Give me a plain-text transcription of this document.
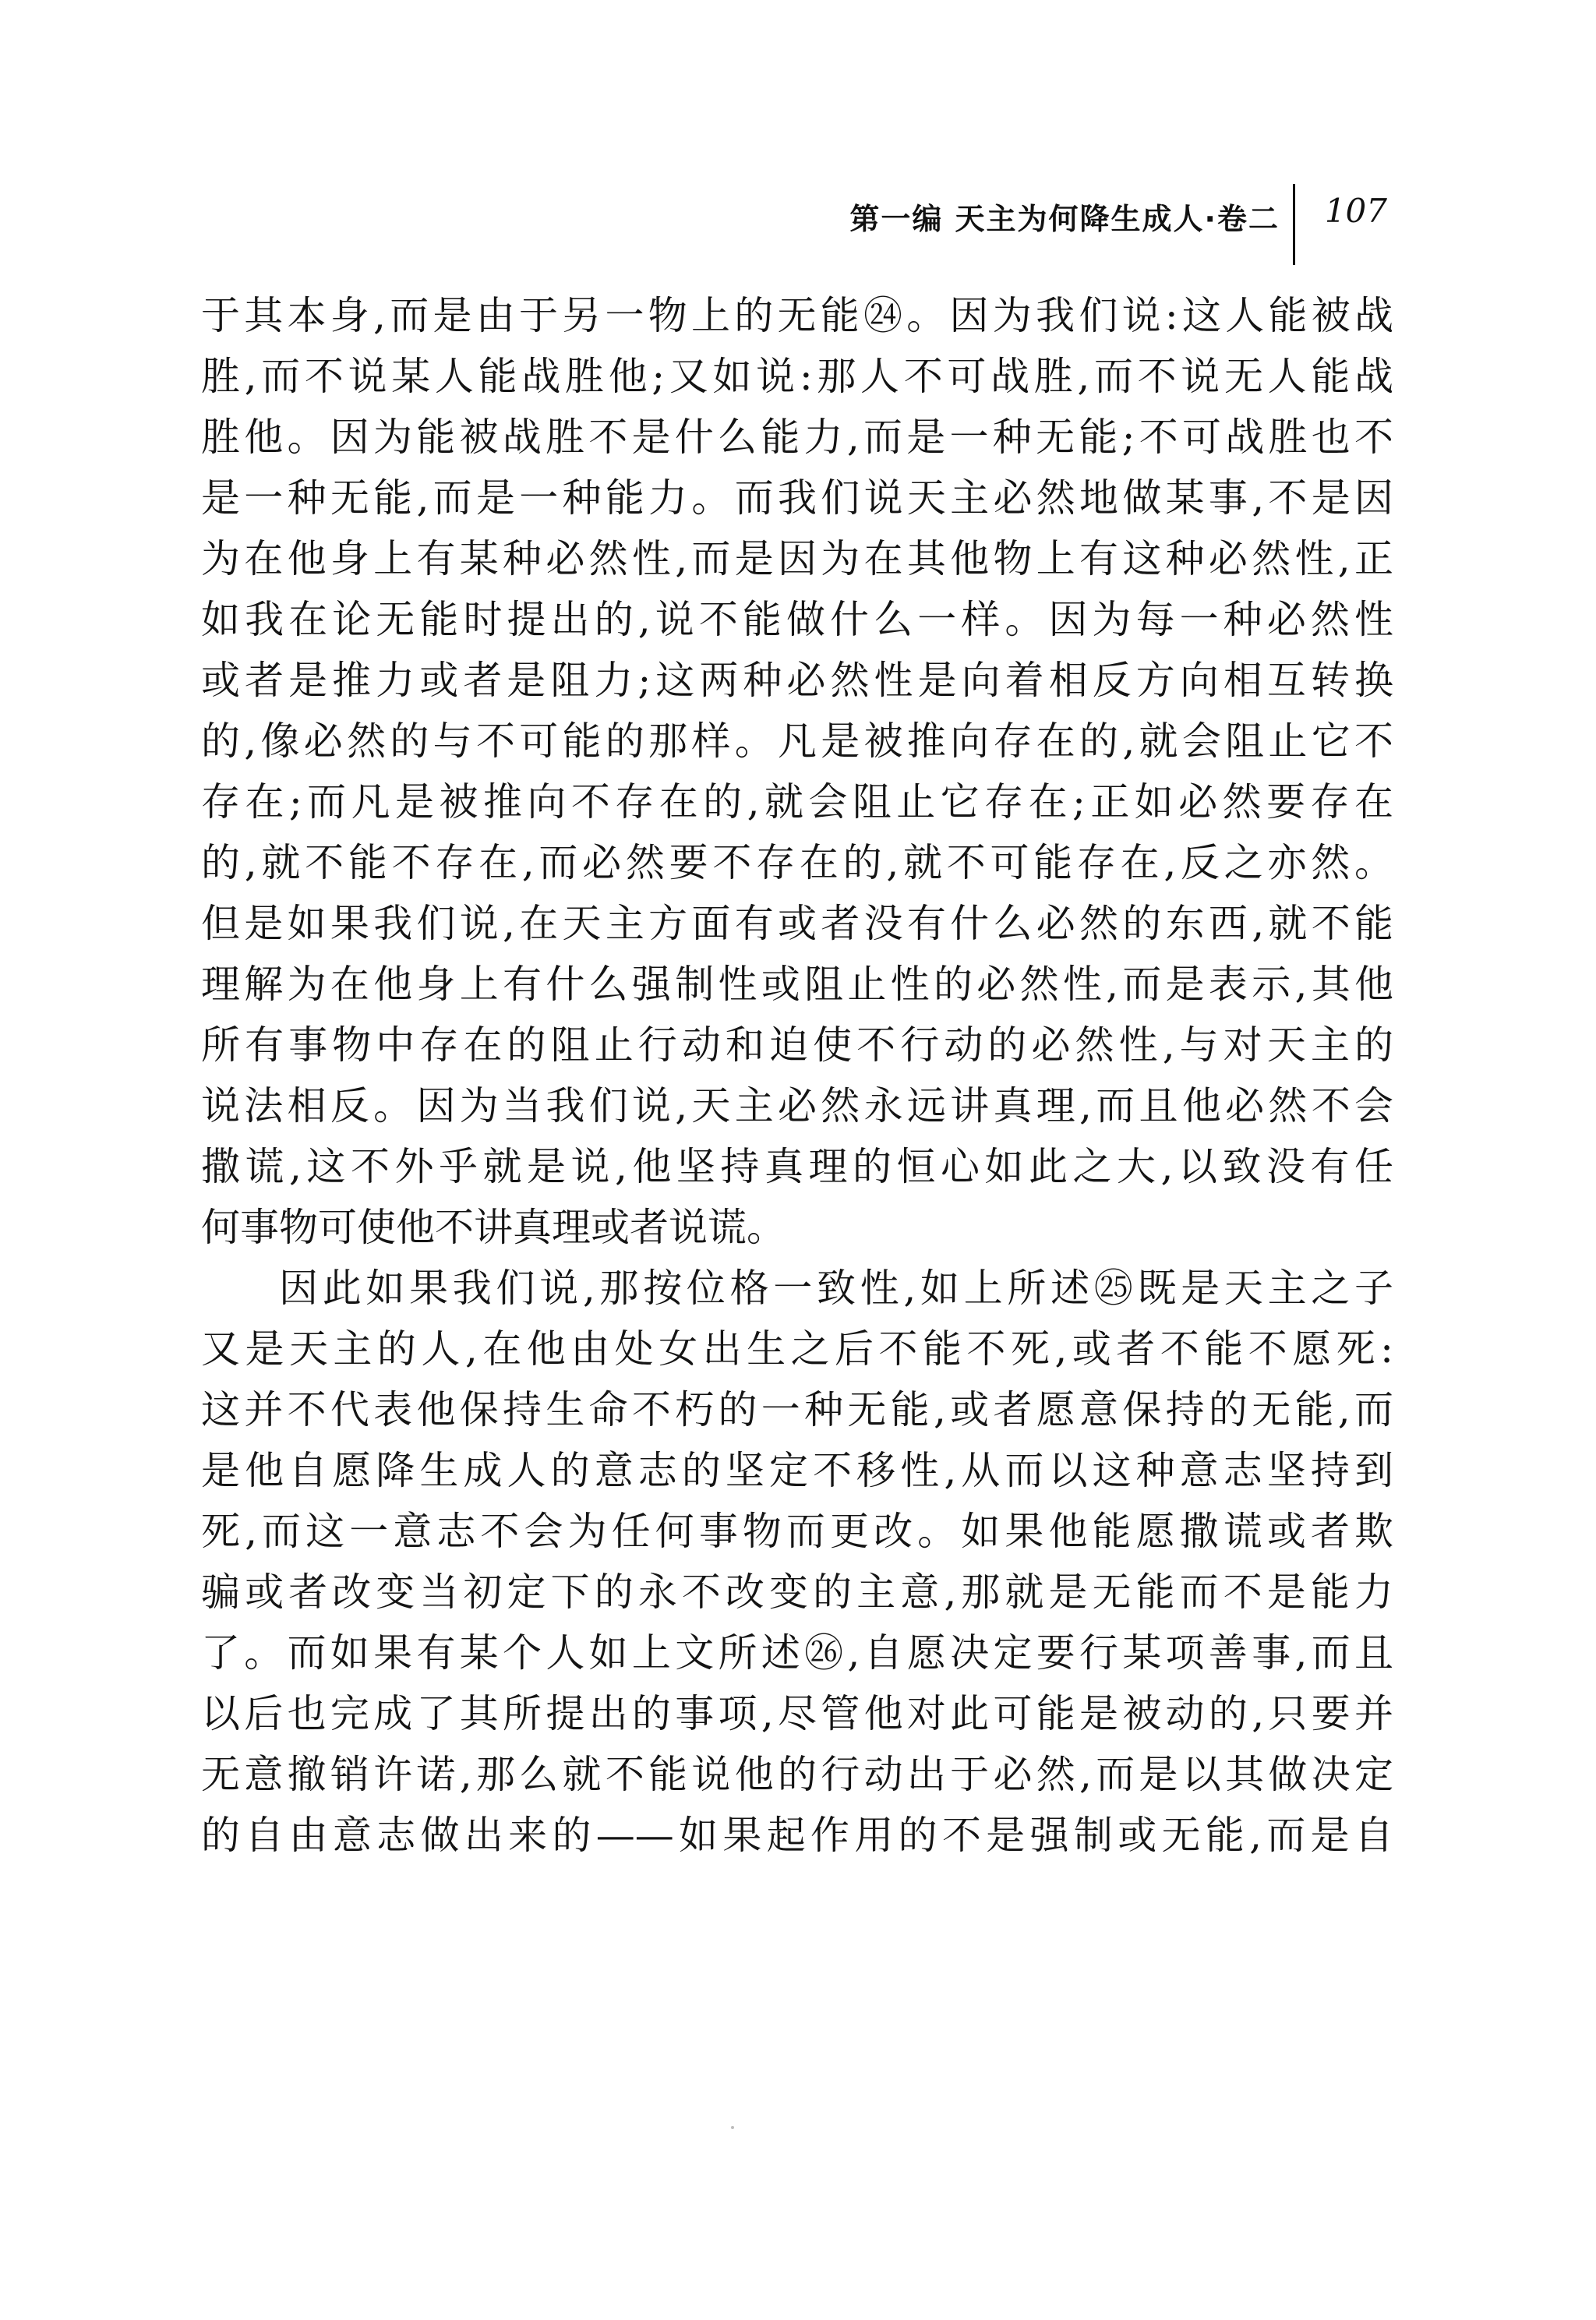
第一编 天主为何降生成人·卷二 107
于其本身,而是由于另一物上的无能㉔。因为我们说:这人能被战
胜,而不说某人能战胜他;又如说:那人不可战胜,而不说无人能战
胜他。因为能被战胜不是什么能力,而是一种无能;不可战胜也不
是一种无能,而是一种能力。而我们说天主必然地做某事,不是因
为在他身上有某种必然性,而是因为在其他物上有这种必然性,正
如我在论无能时提出的,说不能做什么一样。因为每一种必然性
或者是推力或者是阻力;这两种必然性是向着相反方向相互转换
的,像必然的与不可能的那样。凡是被推向存在的,就会阻止它不
存在;而凡是被推向不存在的,就会阻止它存在;正如必然要存在
的,就不能不存在,而必然要不存在的,就不可能存在,反之亦然。
但是如果我们说,在天主方面有或者没有什么必然的东西,就不能
理解为在他身上有什么强制性或阻止性的必然性,而是表示,其他
所有事物中存在的阻止行动和迫使不行动的必然性,与对天主的
说法相反。因为当我们说,天主必然永远讲真理,而且他必然不会
撒谎,这不外乎就是说,他坚持真理的恒心如此之大,以致没有任
何事物可使他不讲真理或者说谎。
因此如果我们说,那按位格一致性,如上所述㉕既是天主之子
又是天主的人,在他由处女出生之后不能不死,或者不能不愿死:
这并不代表他保持生命不朽的一种无能,或者愿意保持的无能,而
是他自愿降生成人的意志的坚定不移性,从而以这种意志坚持到
死,而这一意志不会为任何事物而更改。如果他能愿撒谎或者欺
骗或者改变当初定下的永不改变的主意,那就是无能而不是能力
了。而如果有某个人如上文所述㉖,自愿决定要行某项善事,而且
以后也完成了其所提出的事项,尽管他对此可能是被动的,只要并
无意撤销许诺,那么就不能说他的行动出于必然,而是以其做决定
的自由意志做出来的——如果起作用的不是强制或无能,而是自
